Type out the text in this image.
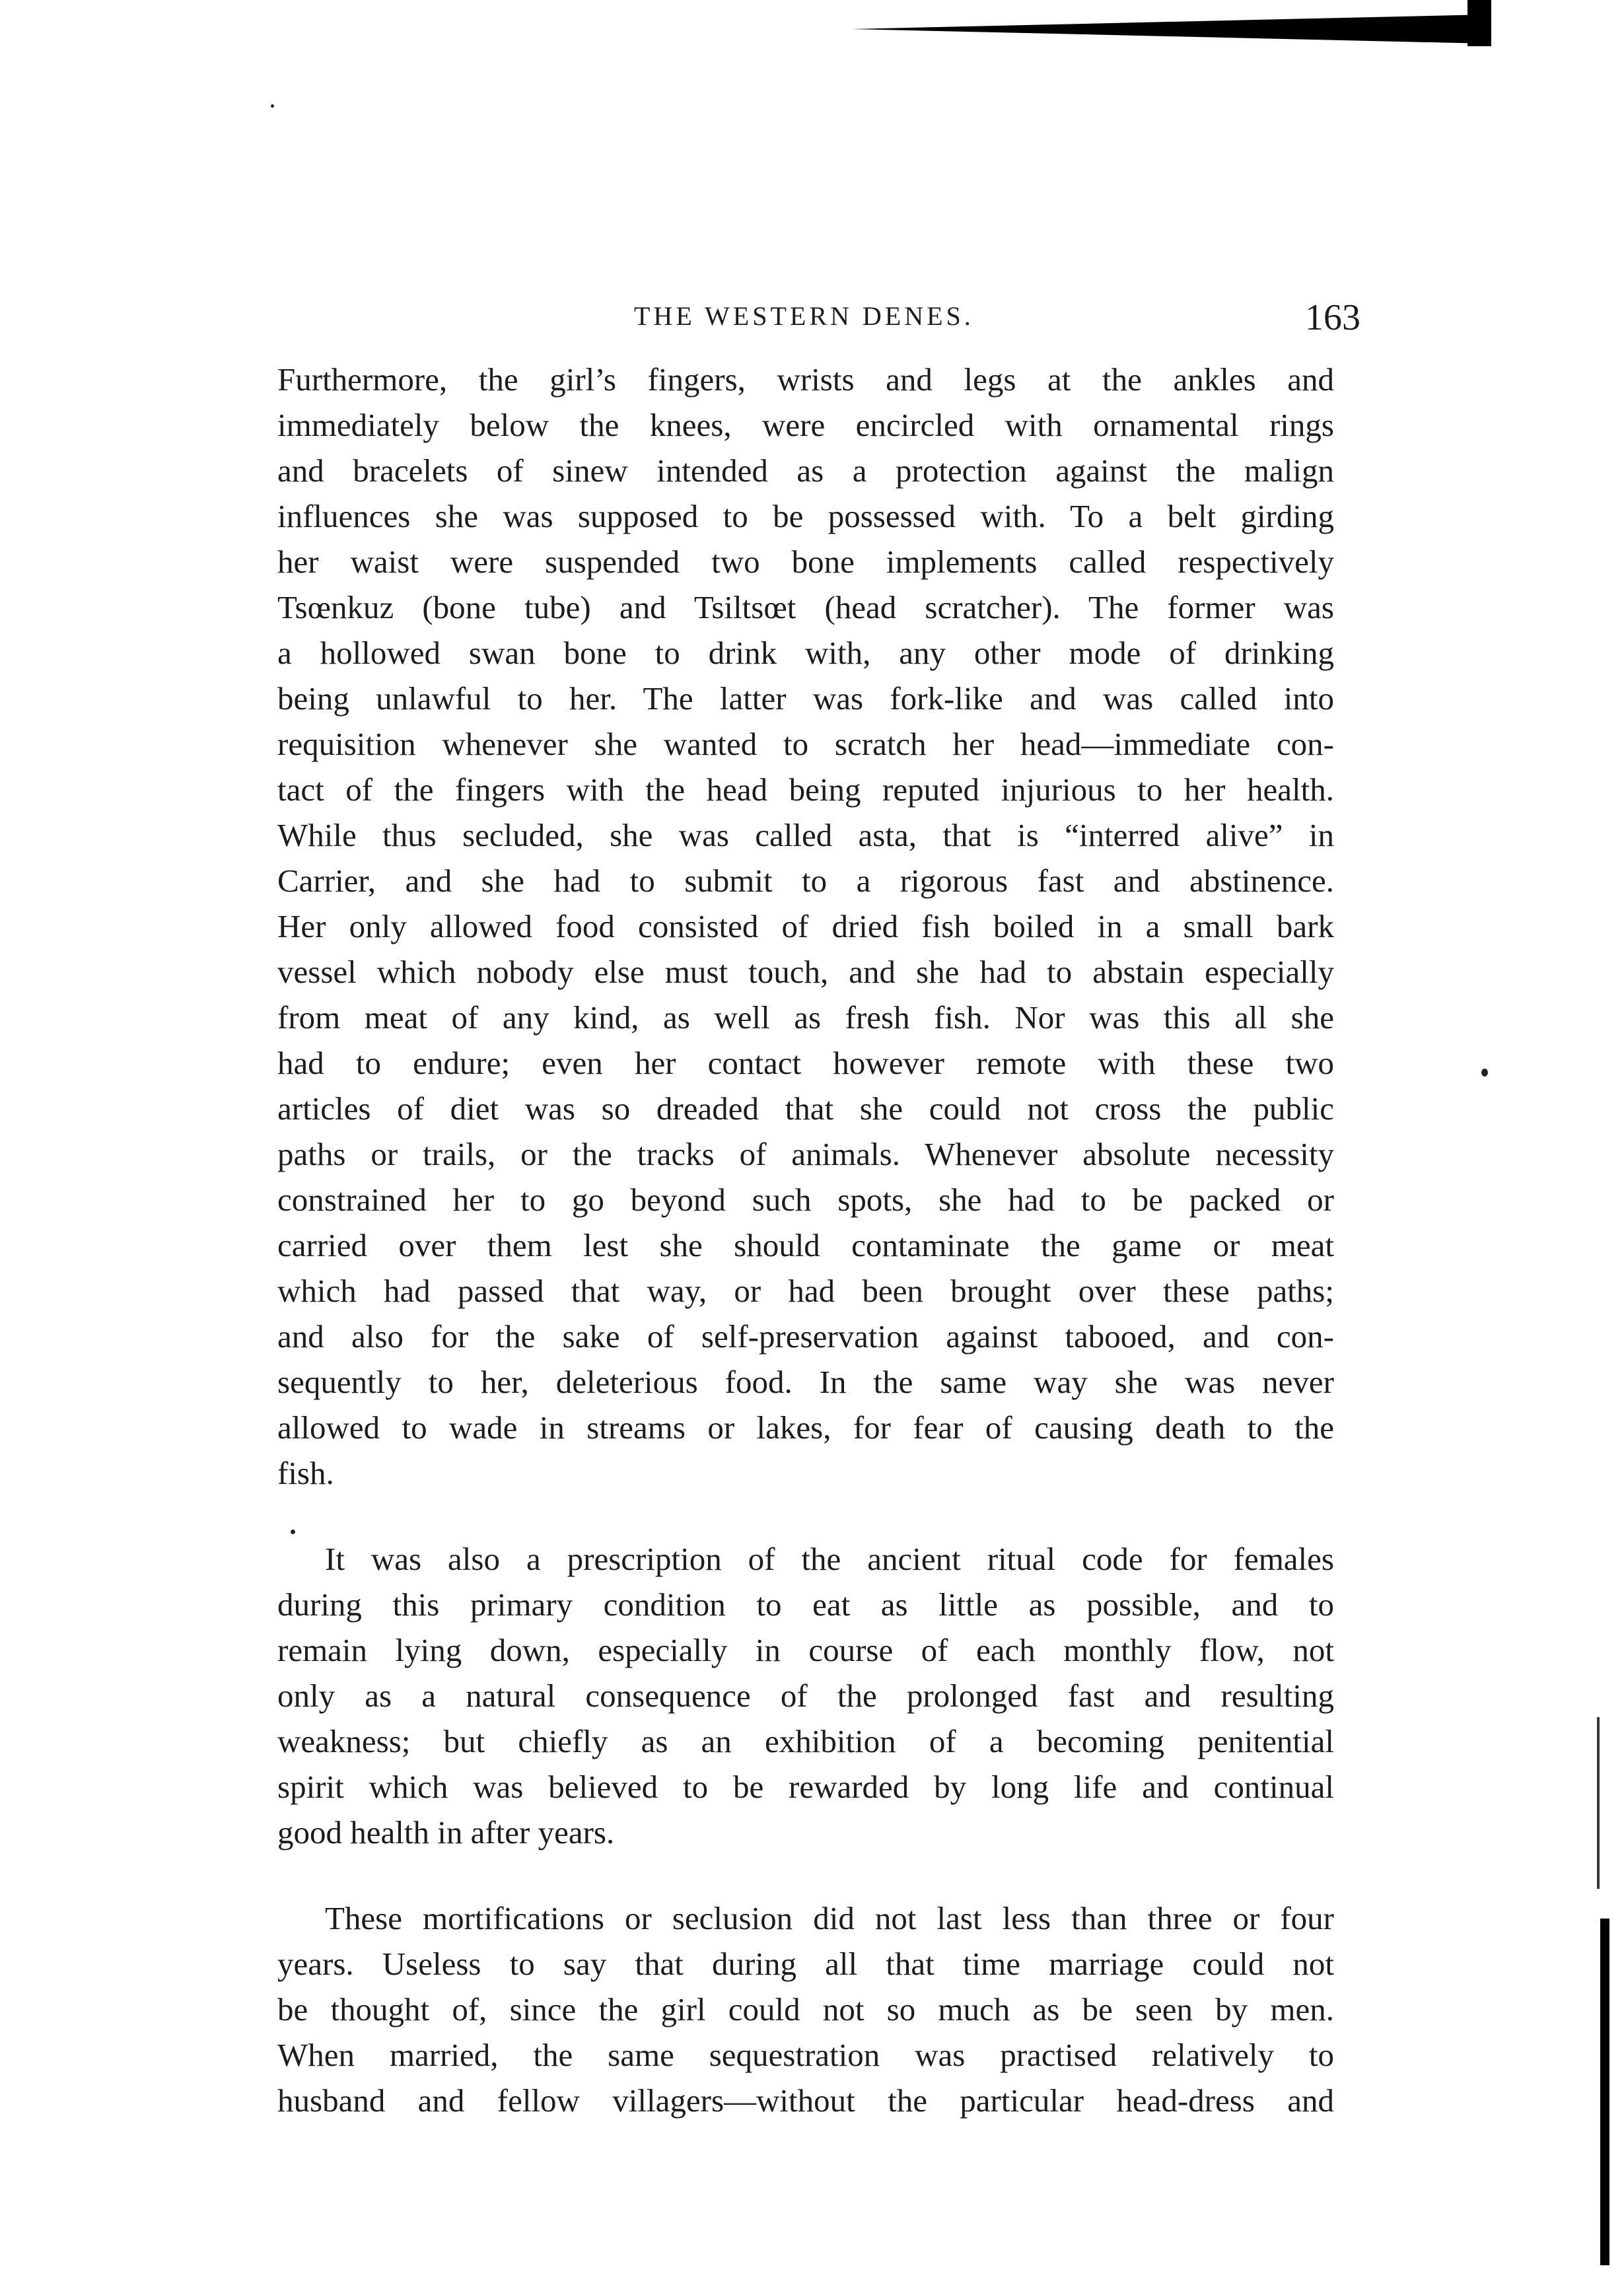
THE WESTERN DENES.	163
Furthermore, the girl’s fingers, wrists and legs at the ankles and
immediately below the knees, were encircled with ornamental rings
and bracelets of sinew intended as a protection against the malign
influences she was supposed to be possessed with. To a belt girding
her waist were suspended two bone implements called respectively
Tsœnkuz (bone tube) and Tsiltsœt (head scratcher). The former was
a hollowed swan bone to drink with, any other mode of drinking
being unlawful to her. The latter was fork-like and was called into
requisition whenever she wanted to scratch her head—immediate con-
tact of the fingers with the head being reputed injurious to her health.
While thus secluded, she was called asta, that is “interred alive” in
Carrier, and she had to submit to a rigorous fast and abstinence.
Her only allowed food consisted of dried fish boiled in a small bark
vessel which nobody else must touch, and she had to abstain especially
from meat of any kind, as well as fresh fish. Nor was this all she
had to endure; even her contact however remote with these two
articles of diet was so dreaded that she could not cross the public
paths or trails, or the tracks of animals. Whenever absolute necessity
constrained her to go beyond such spots, she had to be packed or
carried over them lest she should contaminate the game or meat
which had passed that way, or had been brought over these paths;
and also for the sake of self-preservation against tabooed, and con-
sequently to her, deleterious food. In the same way she was never
allowed to wade in streams or lakes, for fear of causing death to the
fish.
It was also a prescription of the ancient ritual code for females
during this primary condition to eat as little as possible, and to
remain lying down, especially in course of each monthly flow, not
only as a natural consequence of the prolonged fast and resulting
weakness; but chiefly as an exhibition of a becoming penitential
spirit which was believed to be rewarded by long life and continual
good health in after years.
These mortifications or seclusion did not last less than three or four
years. Useless to say that during all that time marriage could not
be thought of, since the girl could not so much as be seen by men.
When married, the same sequestration was practised relatively to
husband and fellow villagers—without the particular head-dress and
